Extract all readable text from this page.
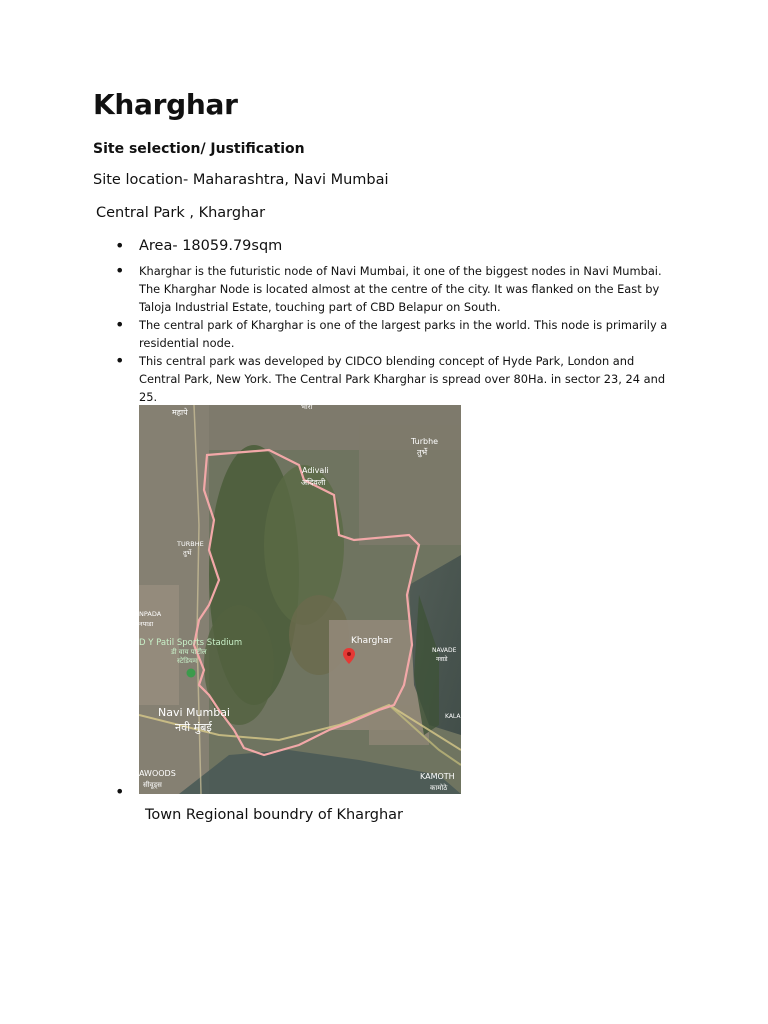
Kharghar
Site selection/ Justification
Site location- Maharashtra, Navi Mumbai
Central Park , Kharghar
• Area- 18059.79sqm
• Kharghar is the futuristic node of Navi Mumbai, it one of the biggest nodes in Navi Mumbai. The Kharghar Node is located almost at the centre of the city. It was flanked on the East by Taloja Industrial Estate, touching part of CBD Belapur on South.
• The central park of Kharghar is one of the largest parks in the world. This node is primarily a residential node.
• This central park was developed by CIDCO blending concept of Hyde Park, London and Central Park, New York. The Central Park Kharghar is spread over 80Ha. in sector 23, 24 and 25.
महापे
भारा
Turbhe
तुर्भे
Adivali
अदिवली
TURBHE
तुर्भे
NPADA
नपाडा
D Y Patil Sports Stadium
डी वाय पाटील
स्टेडियम
Kharghar
NAVADE
नवाडे
Navi Mumbai
नवी मुंबई
KALA
AWOODS
सीवूड्स
KAMOTH
कामोठे
•
Town Regional boundry of Kharghar
